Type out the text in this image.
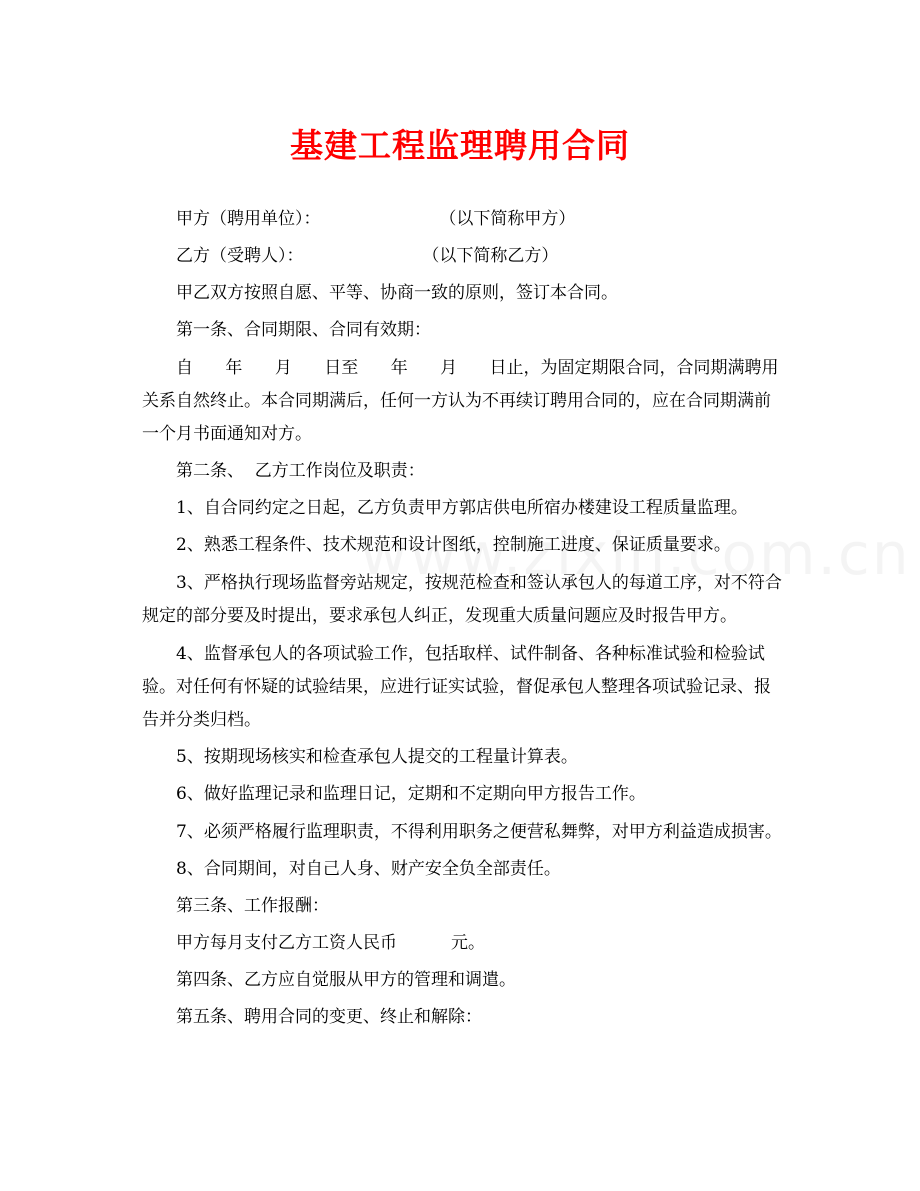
基建工程监理聘用合同

甲方（聘用单位）：                      （以下简称甲方）

乙方（受聘人）：                      （以下简称乙方）

甲乙双方按照自愿、平等、协商一致的原则，签订本合同。

第一条、合同期限、合同有效期：

自      年      月      日至      年      月      日止，为固定期限合同，合同期满聘用关系自然终止。本合同期满后，任何一方认为不再续订聘用合同的，应在合同期满前一个月书面通知对方。

第二条、  乙方工作岗位及职责：

1、自合同约定之日起，乙方负责甲方郭店供电所宿办楼建设工程质量监理。

2、熟悉工程条件、技术规范和设计图纸，控制施工进度、保证质量要求。

3、严格执行现场监督旁站规定，按规范检查和签认承包人的每道工序，对不符合规定的部分要及时提出，要求承包人纠正，发现重大质量问题应及时报告甲方。

4、监督承包人的各项试验工作，包括取样、试件制备、各种标准试验和检验试验。对任何有怀疑的试验结果，应进行证实试验，督促承包人整理各项试验记录、报告并分类归档。

5、按期现场核实和检查承包人提交的工程量计算表。

6、做好监理记录和监理日记，定期和不定期向甲方报告工作。

7、必须严格履行监理职责，不得利用职务之便营私舞弊，对甲方利益造成损害。

8、合同期间，对自己人身、财产安全负全部责任。

第三条、工作报酬：

甲方每月支付乙方工资人民币          元。

第四条、乙方应自觉服从甲方的管理和调遣。

第五条、聘用合同的变更、终止和解除：
